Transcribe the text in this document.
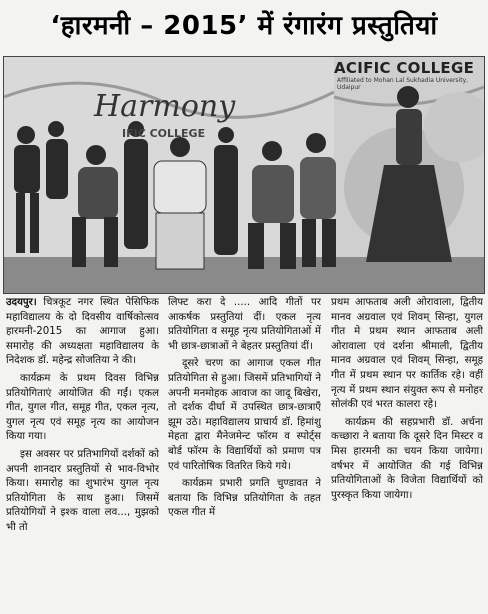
‘हारमनी – 2015’ में रंगारंग प्रस्तुतियां
Harmony
IFIC COLLEGE
ACIFIC COLLEGE
Affiliated to Mohan Lal Sukhadia University, Udaipur

उदयपुर। चित्रकूट नगर स्थित पेसिफिक महाविद्यालय के दो दिवसीय वार्षिकोत्सव हारमनी-2015 का आगाज हुआ। समारोह की अध्यक्षता महाविद्यालय के निदेशक डॉ. महेन्द्र सोजतिया ने की।

कार्यक्रम के प्रथम दिवस विभिन्न प्रतियोगिताएं आयोजित की गईं। एकल गीत, युगल गीत, समूह गीत, एकल नृत्य, युगल नृत्य एवं समूह नृत्य का आयोजन किया गया।

इस अवसर पर प्रतिभागियों दर्शकों को अपनी शानदार प्रस्तुतियों से भाव-विभोर किया। समारोह का शुभारंभ युगल नृत्य प्रतियोगिता के साथ हुआ। जिसमें प्रतियोगियों ने इश्क वाला लव..., मुझको भी तो

लिफ्ट करा दे ..... आदि गीतों पर आकर्षक प्रस्तुतियां दीं। एकल नृत्य प्रतियोगिता व समूह नृत्य प्रतियोगिताओं में भी छात्र-छात्राओं ने बेहतर प्रस्तुतियां दीं।

दूसरे चरण का आगाज एकल गीत प्रतियोगिता से हुआ। जिसमें प्रतिभागियों ने अपनी मनमोहक आवाज का जादू बिखेरा, तो दर्शक दीर्घा में उपस्थित छात्र-छात्राएँ झूम उठे। महाविद्यालय प्राचार्य डॉ. हिमांशु मेहता द्वारा मैनेजमेन्ट फॉरम व स्पोर्ट्स बोर्ड फॉरम के विद्यार्थियों को प्रमाण पत्र एवं पारितोषिक वितरित किये गये।

कार्यक्रम प्रभारी प्रगति चुण्डावत ने बताया कि विभिन्न प्रतियोगिता के तहत एकल गीत में

प्रथम आफताब अली ओरावाला, द्वितीय मानव अग्रवाल एवं शिवम् सिन्हा, युगल गीत मे प्रथम स्थान आफताब अली ओरावाला एवं दर्शना श्रीमाली, द्वितीय मानव अग्रवाल एवं शिवम् सिन्हा, समूह गीत में प्रथम स्थान पर कार्तिक रहे। वहीं नृत्य में प्रथम स्थान संयुक्त रूप से मनोहर सोलंकी एवं भरत कालरा रहे।

कार्यक्रम की सहप्रभारी डॉ. अर्चना कच्छारा ने बताया कि दूसरे दिन मिस्टर व मिस हारमनी का चयन किया जायेगा। वर्षभर में आयोजित की गई विभिन्न प्रतियोगिताओं के विजेता विद्यार्थियों को पुरस्कृत किया जायेगा।
